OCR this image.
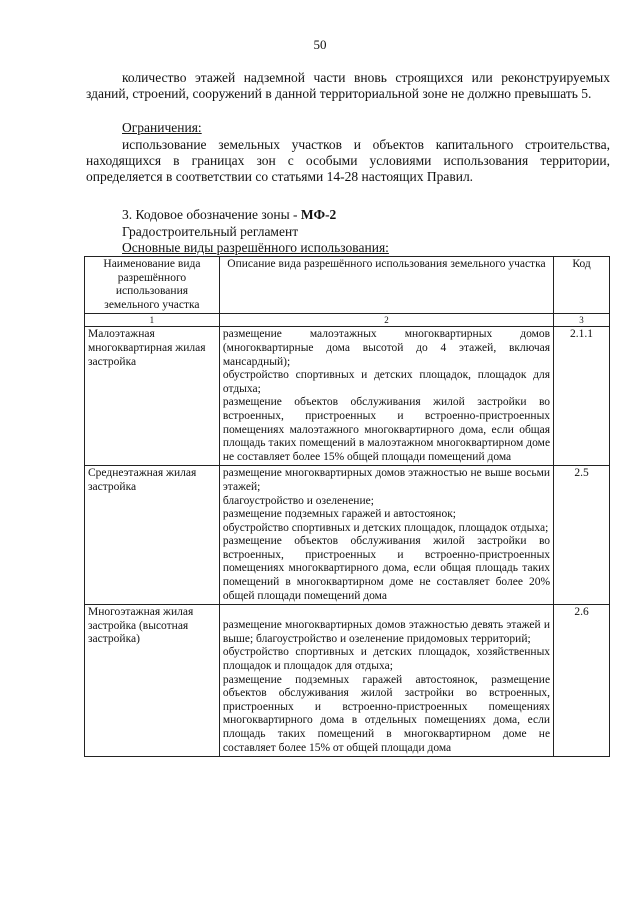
50
количество этажей надземной части вновь строящихся или реконструируемых зданий, строений, сооружений в данной территориальной зоне не должно превышать 5.
Ограничения:
использование земельных участков и объектов капитального строительства, находящихся в границах зон с особыми условиями использования территории, определяется в соответствии со статьями 14-28 настоящих Правил.
3. Кодовое обозначение зоны - МФ-2
Градостроительный регламент
Основные виды разрешённого использования:
Наименование вида разрешённого использования земельного участка	Описание вида разрешённого использования земельного участка	Код
1	2	3
Малоэтажная многоквартирная жилая застройка	размещение малоэтажных многоквартирных домов (многоквартирные дома высотой до 4 этажей, включая мансардный);
обустройство спортивных и детских площадок, площадок для отдыха;
размещение объектов обслуживания жилой застройки во встроенных, пристроенных и встроенно-пристроенных помещениях малоэтажного многоквартирного дома, если общая площадь таких помещений в малоэтажном многоквартирном доме не составляет более 15% общей площади помещений дома	2.1.1
Среднеэтажная жилая застройка	размещение многоквартирных домов этажностью не выше восьми этажей;
благоустройство и озеленение;
размещение подземных гаражей и автостоянок;
обустройство спортивных и детских площадок, площадок отдыха;
размещение объектов обслуживания жилой застройки во встроенных, пристроенных и встроенно-пристроенных помещениях многоквартирного дома, если общая площадь таких помещений в многоквартирном доме не составляет более 20% общей площади помещений дома	2.5
Многоэтажная жилая застройка (высотная застройка)	размещение многоквартирных домов этажностью девять этажей и выше; благоустройство и озеленение придомовых территорий;
обустройство спортивных и детских площадок, хозяйственных площадок и площадок для отдыха;
размещение подземных гаражей автостоянок, размещение объектов обслуживания жилой застройки во встроенных, пристроенных и встроенно-пристроенных помещениях многоквартирного дома в отдельных помещениях дома, если площадь таких помещений в многоквартирном доме не составляет более 15% от общей площади дома	2.6
